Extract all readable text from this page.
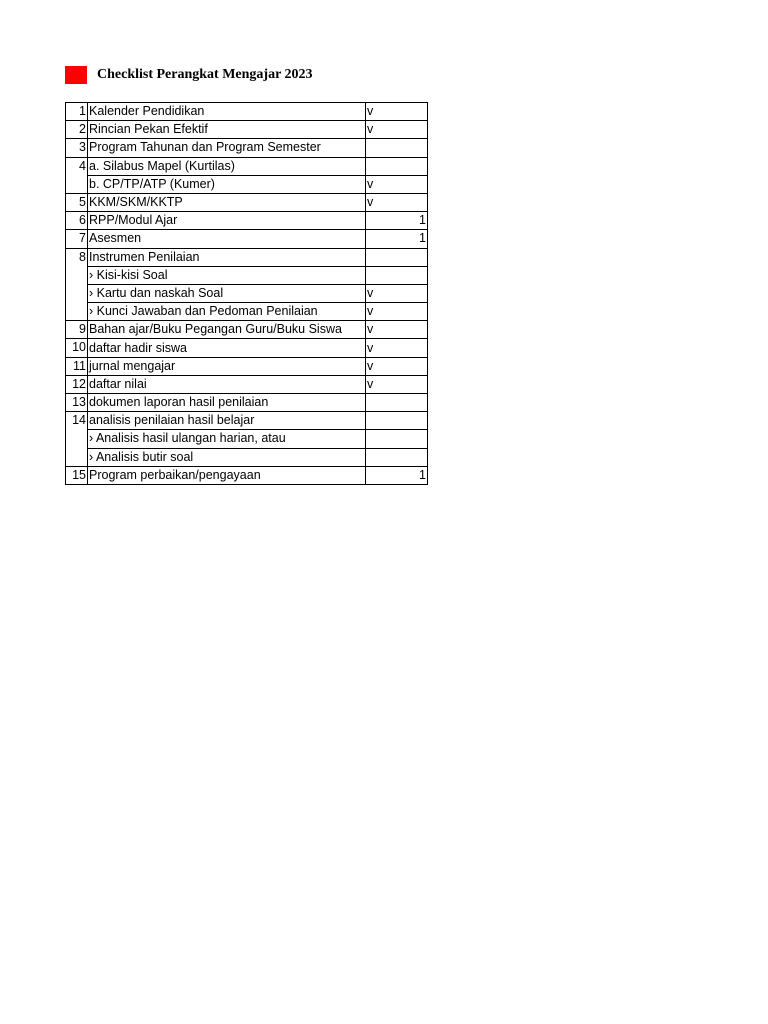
Checklist Perangkat Mengajar 2023
1	Kalender Pendidikan	v
2	Rincian Pekan Efektif	v
3	Program Tahunan dan Program Semester	
4	a. Silabus Mapel (Kurtilas)	
	b. CP/TP/ATP (Kumer)	v
5	KKM/SKM/KKTP	v
6	RPP/Modul Ajar	1
7	Asesmen	1
8	Instrumen Penilaian	
	› Kisi-kisi Soal	
	› Kartu dan naskah Soal	v
	› Kunci Jawaban dan Pedoman Penilaian	v
9	Bahan ajar/Buku Pegangan Guru/Buku Siswa	v
10	daftar hadir siswa	v
11	jurnal mengajar	v
12	daftar nilai	v
13	dokumen laporan hasil penilaian	
14	analisis penilaian hasil belajar	
	› Analisis hasil ulangan harian, atau	
	› Analisis butir soal	
15	Program perbaikan/pengayaan	1
